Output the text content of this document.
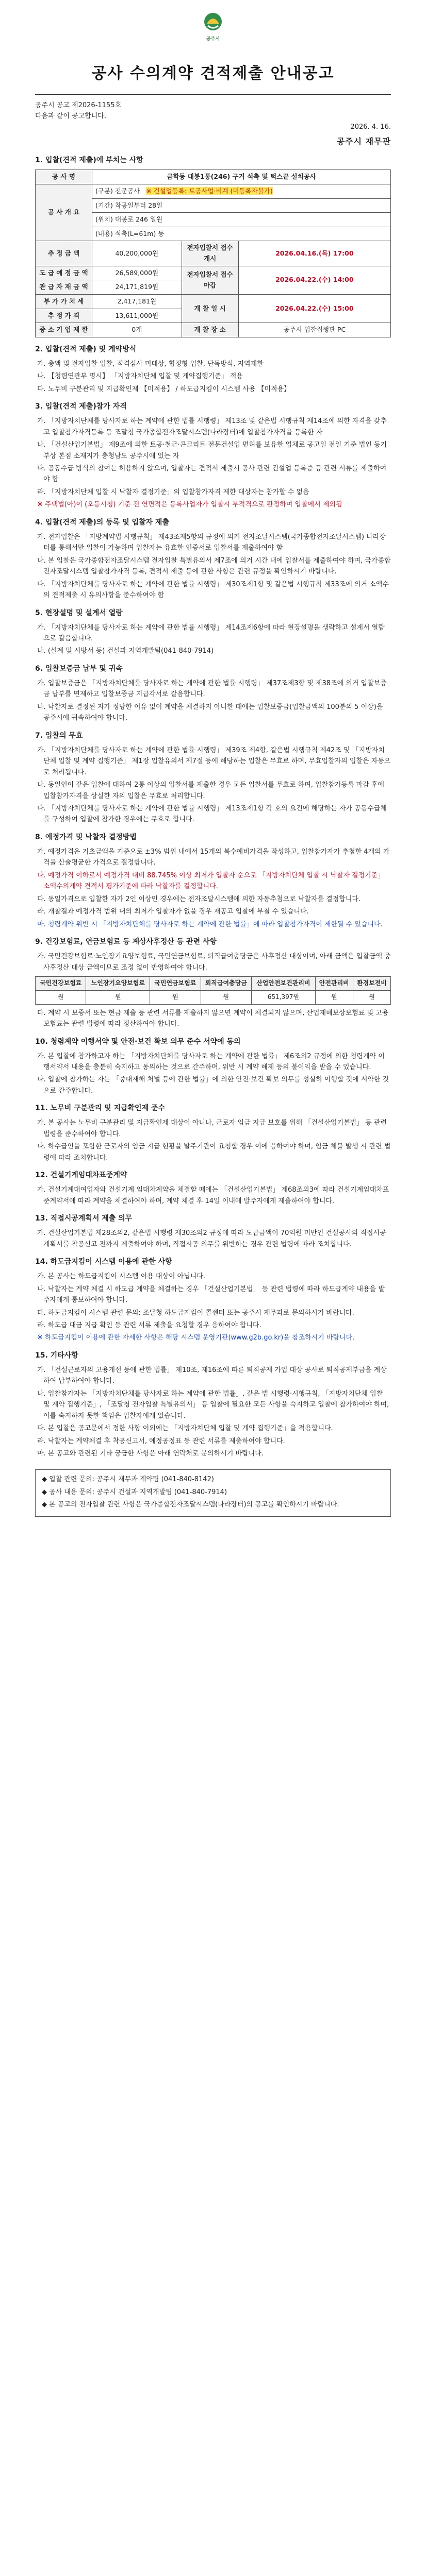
공주시
공사 수의계약 견적제출 안내공고
공주시 공고 제2026-1155호
다음과 같이 공고합니다.
2026. 4. 16.
공주시 재무관
1. 입찰(견적 제출)에 부치는 사항
공 사 명	금학동 대봉1통(246) 구거 석축 및 턱스끝 설치공사		
공 사 개 요	(구분) 전문공사 ※ 건설업등록: 토공사업·비계 (미등록자불가)		
	(기간) 착공일부터 28일		
	(위치) 대봉로 246 일원		
	(내용) 석축(L=61m) 등		
추 정 금 액	40,200,000원	전자입찰서 접수개시	2026.04.16.(목) 17:00
도 급 예 정 금 액	26,589,000원	전자입찰서 접수마감	2026.04.22.(수) 14:00
관 급 자 재 금 액	24,171,819원		
부 가 가 치 세	2,417,181원	개 찰 일 시	2026.04.22.(수) 15:00
추 정 가 격	13,611,000원		
중 소 기 업 제 한	0개	개 찰 장 소	공주시 입찰집행관 PC
2. 입찰(견적 제출) 및 계약방식
가. 총액 및 전자입찰 입찰, 적격심사 미대상, 협정형 입찰, 단독방식, 지역제한
나. 【청렴연관부 명시】 「지방자치단체 입찰 및 계약집행기준」 적용
다. 노무비 구분관리 및 지급확인제 【미적용】 / 하도급지킴이 시스템 사용 【미적용】
3. 입찰(견적 제출)참가 자격
가. 「지방자치단체를 당사자로 하는 계약에 관한 법률 시행령」 제13조 및 같은법 시행규칙 제14조에 의한 자격을 갖추고 입찰참가자격등록 등 조달청 국가종합전자조달시스템(나라장터)에 입찰참가자격을 등록한 자
나. 「건설산업기본법」 제9조에 의한 토공·철근·콘크리트 전문건설업 면허를 보유한 업체로 공고일 전일 기준 법인 등기부상 본점 소재지가 충청남도 공주시에 있는 자
다. 공동수급 방식의 참여는 허용하지 않으며, 입찰자는 견적서 제출시 공사 관련 건설업 등록증 등 관련 서류를 제출하여야 함
라. 「지방자치단체 입찰 시 낙찰자 결정기준」의 입찰참가자격 제한 대상자는 참가할 수 없음
※ 주택법(아)이 (오등시청) 기준 전 연면적은 등록사업자가 입찰시 부적격으로 판정하며 입찰에서 제외됨
4. 입찰(견적 제출)의 등록 및 입찰자 제출
가. 전자입찰은 「지방계약법 시행규칙」 제43조제5항의 규정에 의거 전자조달시스템(국가종합전자조달시스템) 나라장터를 통해서만 입찰이 가능하며 입찰자는 유효한 인증서로 입찰서를 제출하여야 함
나. 본 입찰은 국가종합전자조달시스템 전자입찰 특별유의서 제7조에 의거 시간 내에 입찰서를 제출하여야 하며, 국가종합전자조달시스템 입찰참가자격 등록, 견적서 제출 등에 관한 사항은 관련 규정을 확인하시기 바랍니다.
다. 「지방자치단체를 당사자로 하는 계약에 관한 법률 시행령」 제30조제1항 및 같은법 시행규칙 제33조에 의거 소액수의 견적제출 시 유의사항을 준수하여야 함
5. 현장설명 및 설계서 열람
가. 「지방자치단체를 당사자로 하는 계약에 관한 법률 시행령」 제14조제6항에 따라 현장설명을 생략하고 설계서 열람으로 갈음합니다.
나. (설계 및 시방서 등) 건설과 지역개발팀(041-840-7914)
6. 입찰보증금 납부 및 귀속
가. 입찰보증금은 「지방자치단체를 당사자로 하는 계약에 관한 법률 시행령」 제37조제3항 및 제38조에 의거 입찰보증금 납부를 면제하고 입찰보증금 지급각서로 갈음합니다.
나. 낙찰자로 결정된 자가 정당한 이유 없이 계약을 체결하지 아니한 때에는 입찰보증금(입찰금액의 100분의 5 이상)을 공주시에 귀속하여야 합니다.
7. 입찰의 무효
가. 「지방자치단체를 당사자로 하는 계약에 관한 법률 시행령」 제39조 제4항, 같은법 시행규칙 제42조 및 「지방자치단체 입찰 및 계약 집행기준」 제1장 입찰유의서 제7절 등에 해당하는 입찰은 무효로 하며, 무효입찰자의 입찰은 자동으로 처리됩니다.
나. 동일인이 같은 입찰에 대하여 2통 이상의 입찰서를 제출한 경우 모든 입찰서를 무효로 하며, 입찰참가등록 마감 후에 입찰참가자격을 상실한 자의 입찰은 무효로 처리합니다.
다. 「지방자치단체를 당사자로 하는 계약에 관한 법률 시행령」 제13조제1항 각 호의 요건에 해당하는 자가 공동수급체를 구성하여 입찰에 참가한 경우에는 무효로 합니다.
8. 예정가격 및 낙찰자 결정방법
가. 예정가격은 기초금액을 기준으로 ±3% 범위 내에서 15개의 복수예비가격을 작성하고, 입찰참가자가 추첨한 4개의 가격을 산술평균한 가격으로 결정합니다.
나. 예정가격 이하로서 예정가격 대비 88.745% 이상 최저가 입찰자 순으로 「지방자치단체 입찰 시 낙찰자 결정기준」 소액수의계약 견적서 평가기준에 따라 낙찰자를 결정합니다.
다. 동일가격으로 입찰한 자가 2인 이상인 경우에는 전자조달시스템에 의한 자동추첨으로 낙찰자를 결정합니다.
라. 개찰결과 예정가격 범위 내의 최저가 입찰자가 없을 경우 재공고 입찰에 부칠 수 있습니다.
마. 청렴계약 위반 시 「지방자치단체를 당사자로 하는 계약에 관한 법률」에 따라 입찰참가자격이 제한될 수 있습니다.
9. 건강보험료, 연금보험료 등 계상사후정산 등 관련 사항
가. 국민건강보험료·노인장기요양보험료, 국민연금보험료, 퇴직급여충당금은 사후정산 대상이며, 아래 금액은 입찰금액 중 사후정산 대상 금액이므로 조정 없이 반영하여야 합니다.
국민건강보험료	노인장기요양보험료	국민연금보험료	퇴직급여충당금	산업안전보건관리비	안전관리비	환경보전비
원	원	원	원	651,397원	원	원
다. 계약 시 보증서 또는 현금 제출 등 관련 서류를 제출하지 않으면 계약이 체결되지 않으며, 산업재해보상보험료 및 고용보험료는 관련 법령에 따라 정산하여야 합니다.
10. 청렴계약 이행서약 및 안전·보건 확보 의무 준수 서약에 동의
가. 본 입찰에 참가하고자 하는 「지방자치단체를 당사자로 하는 계약에 관한 법률」 제6조의2 규정에 의한 청렴계약 이행서약서 내용을 충분히 숙지하고 동의하는 것으로 간주하며, 위반 시 계약 해제 등의 불이익을 받을 수 있습니다.
나. 입찰에 참가하는 자는 「중대재해 처벌 등에 관한 법률」에 의한 안전·보건 확보 의무를 성실히 이행할 것에 서약한 것으로 간주합니다.
11. 노무비 구분관리 및 지급확인제 준수
가. 본 공사는 노무비 구분관리 및 지급확인제 대상이 아니나, 근로자 임금 지급 보호를 위해 「건설산업기본법」 등 관련 법령을 준수하여야 합니다.
나. 하수급인을 포함한 근로자의 임금 지급 현황을 발주기관이 요청할 경우 이에 응하여야 하며, 임금 체불 발생 시 관련 법령에 따라 조치합니다.
12. 건설기계임대차표준계약
가. 건설기계대여업자와 건설기계 임대차계약을 체결할 때에는 「건설산업기본법」 제68조의3에 따라 건설기계임대차표준계약서에 따라 계약을 체결하여야 하며, 계약 체결 후 14일 이내에 발주자에게 제출하여야 합니다.
13. 직접시공계획서 제출 의무
가. 건설산업기본법 제28조의2, 같은법 시행령 제30조의2 규정에 따라 도급금액이 70억원 미만인 건설공사의 직접시공계획서를 착공신고 전까지 제출하여야 하며, 직접시공 의무를 위반하는 경우 관련 법령에 따라 조치합니다.
14. 하도급지킴이 시스템 이용에 관한 사항
가. 본 공사는 하도급지킴이 시스템 이용 대상이 아닙니다.
나. 낙찰자는 계약 체결 시 하도급 계약을 체결하는 경우 「건설산업기본법」 등 관련 법령에 따라 하도급계약 내용을 발주자에게 통보하여야 합니다.
다. 하도급지킴이 시스템 관련 문의: 조달청 하도급지킴이 콜센터 또는 공주시 재무과로 문의하시기 바랍니다.
라. 하도급 대금 지급 확인 등 관련 서류 제출을 요청할 경우 응하여야 합니다.
※ 하도급지킴이 이용에 관한 자세한 사항은 해당 시스템 운영기관(www.g2b.go.kr)을 참조하시기 바랍니다.
15. 기타사항
가. 「건설근로자의 고용개선 등에 관한 법률」 제10조, 제16조에 따른 퇴직공제 가입 대상 공사로 퇴직공제부금을 계상하여 납부하여야 합니다.
나. 입찰참가자는 「지방자치단체를 당사자로 하는 계약에 관한 법률」, 같은 법 시행령·시행규칙, 「지방자치단체 입찰 및 계약 집행기준」, 「조달청 전자입찰 특별유의서」 등 입찰에 필요한 모든 사항을 숙지하고 입찰에 참가하여야 하며, 이를 숙지하지 못한 책임은 입찰자에게 있습니다.
다. 본 입찰은 공고문에서 정한 사항 이외에는 「지방자치단체 입찰 및 계약 집행기준」을 적용합니다.
라. 낙찰자는 계약체결 후 착공신고서, 예정공정표 등 관련 서류를 제출하여야 합니다.
마. 본 공고와 관련된 기타 궁금한 사항은 아래 연락처로 문의하시기 바랍니다.
◆ 입찰 관련 문의: 공주시 재무과 계약팀 (041-840-8142)
◆ 공사 내용 문의: 공주시 건설과 지역개발팀 (041-840-7914)
◆ 본 공고의 전자입찰 관련 사항은 국가종합전자조달시스템(나라장터)의 공고를 확인하시기 바랍니다.
